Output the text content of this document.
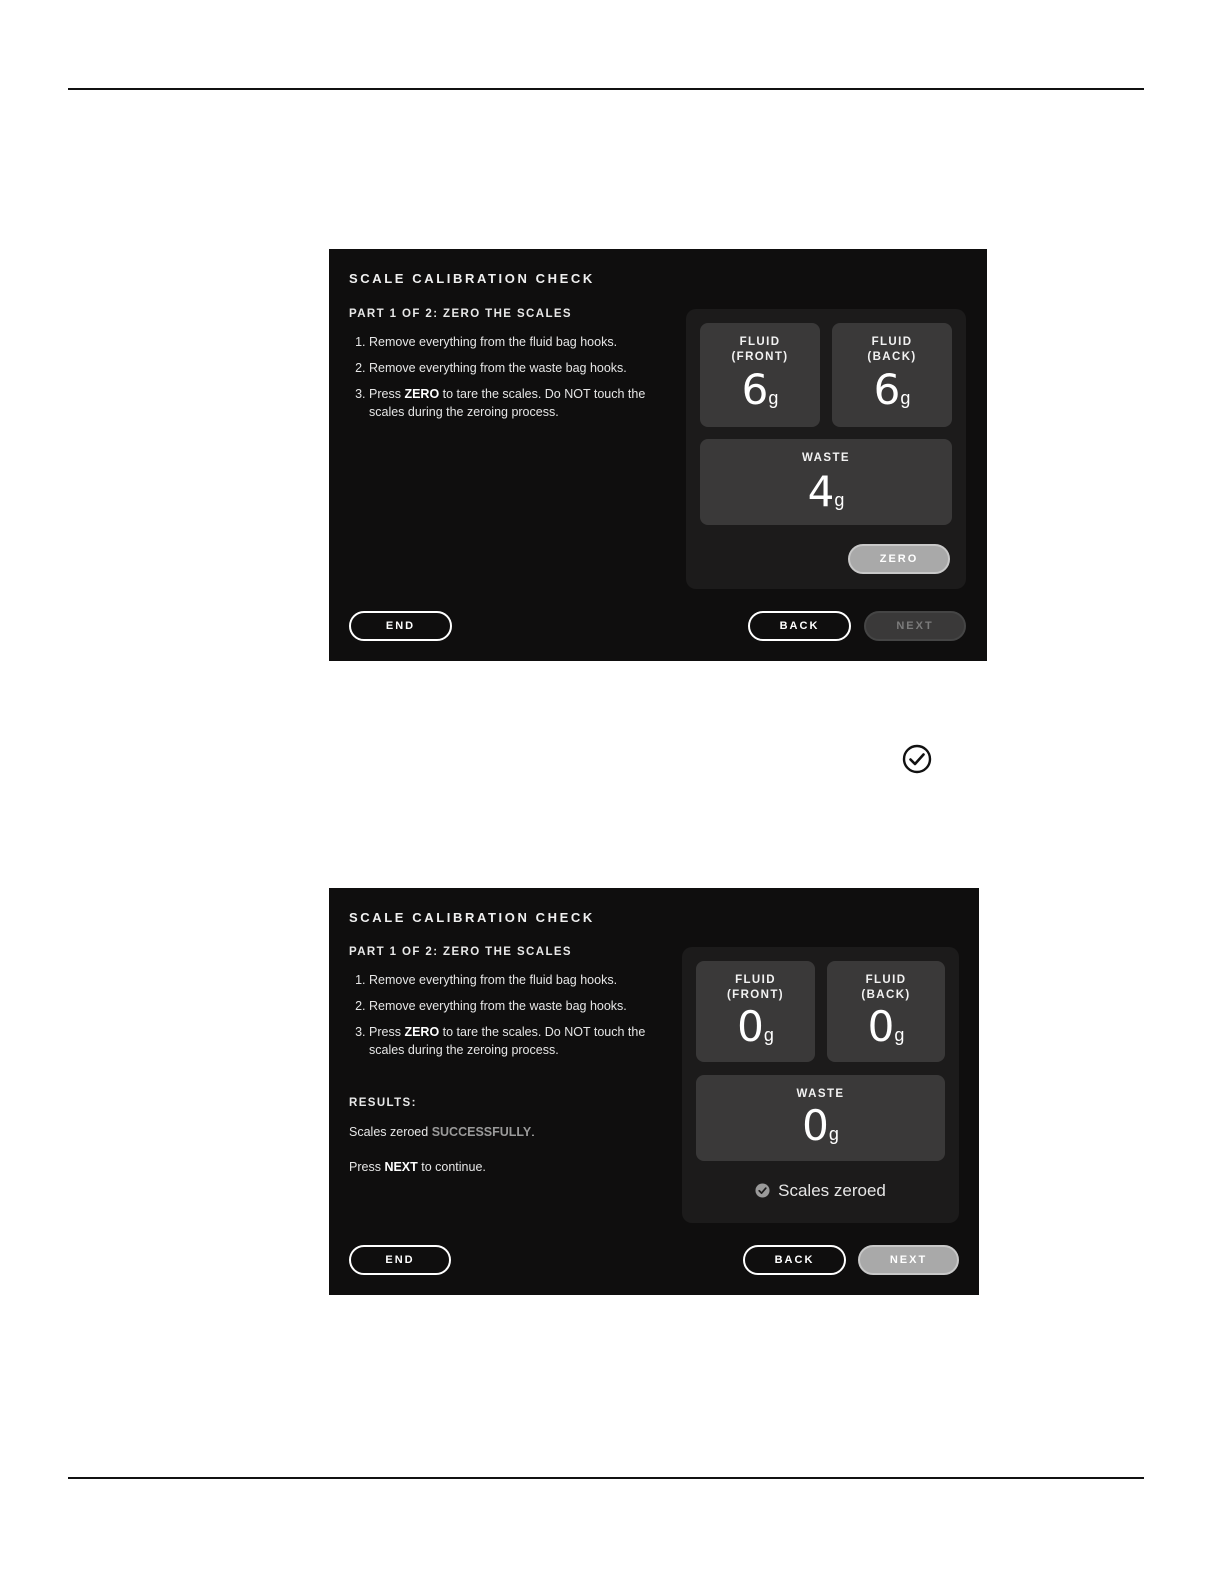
SCALE CALIBRATION CHECK
PART 1 OF 2: ZERO THE SCALES
1. Remove everything from the fluid bag hooks.
2. Remove everything from the waste bag hooks.
3. Press ZERO to tare the scales. Do NOT touch the scales during the zeroing process.
FLUID
(FRONT)
6g
FLUID
(BACK)
6g
WASTE
4g
ZERO
END	BACK	NEXT
SCALE CALIBRATION CHECK
PART 1 OF 2: ZERO THE SCALES
1. Remove everything from the fluid bag hooks.
2. Remove everything from the waste bag hooks.
3. Press ZERO to tare the scales. Do NOT touch the scales during the zeroing process.
RESULTS:
Scales zeroed SUCCESSFULLY.
Press NEXT to continue.
FLUID
(FRONT)
0g
FLUID
(BACK)
0g
WASTE
0g
Scales zeroed
END	BACK	NEXT
